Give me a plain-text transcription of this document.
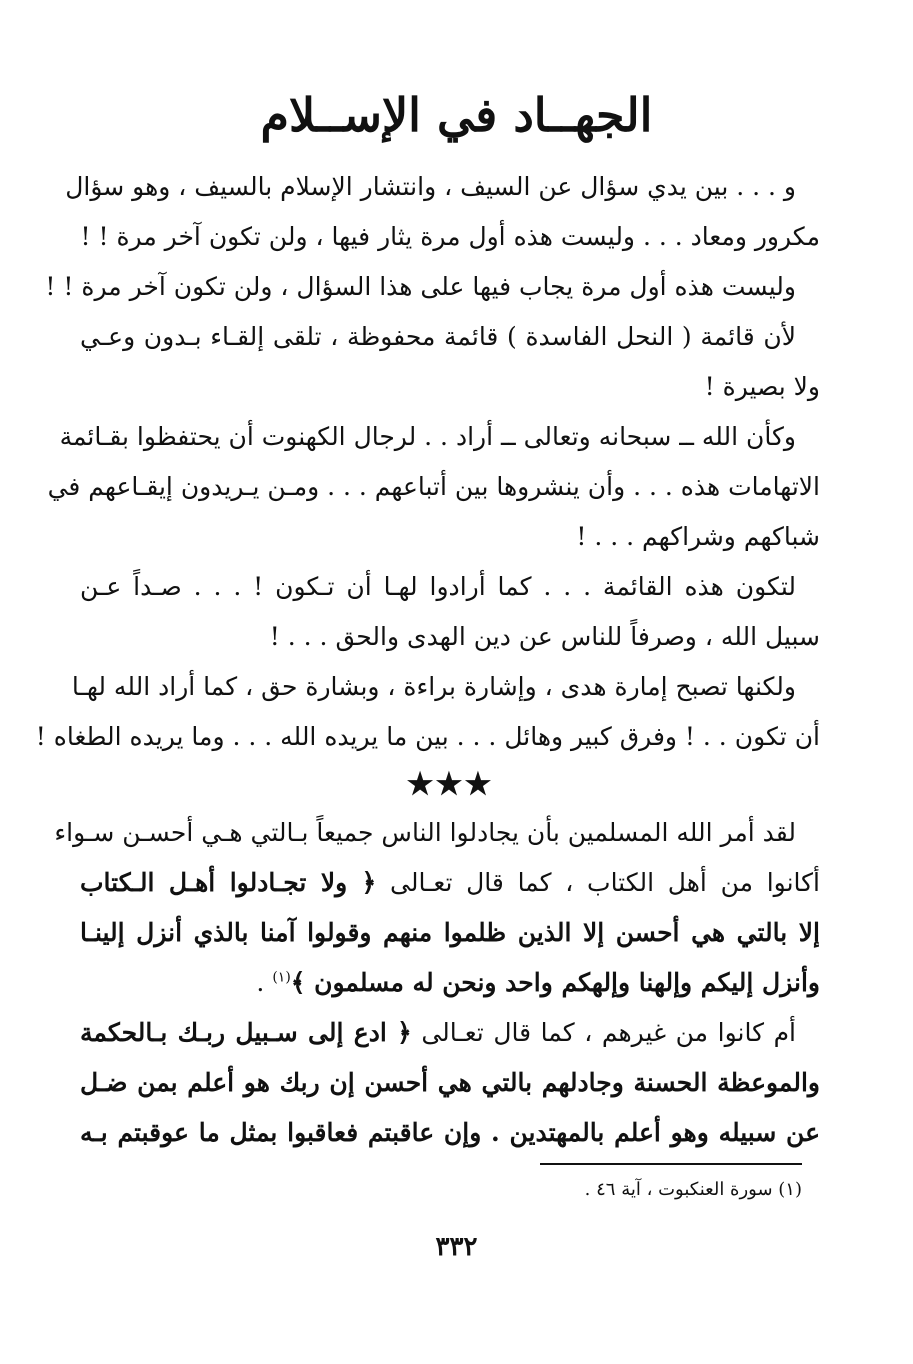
الجهــاد في الإســلام

و . . . بين يدي سؤال عن السيف ، وانتشار الإسلام بالسيف ، وهو سؤال
مكرور ومعاد . . . وليست هذه أول مرة يثار فيها ، ولن تكون آخر مرة ! !

وليست هذه أول مرة يجاب فيها على هذا السؤال ، ولن تكون آخر مرة ! !

لأن قائمة ( النحل الفاسدة ) قائمة محفوظة ، تلقى إلقـاء بـدون وعـي
ولا بصيرة !

وكأن الله ــ سبحانه وتعالى ــ أراد . . لرجال الكهنوت أن يحتفظوا بقـائمة
الاتهامات هذه . . . وأن ينشروها بين أتباعهم . . . ومـن يـريدون إيقـاعهم في
شباكهم وشراكهم . . . !

لتكون هذه القائمة . . . كما أرادوا لهـا أن تـكون ! . . . صـداً عـن
سبيل الله ، وصرفاً للناس عن دين الهدى والحق . . . !

ولكنها تصبح إمارة هدى ، وإشارة براءة ، وبشارة حق ، كما أراد الله لهـا
أن تكون . . ! وفرق كبير وهائل . . . بين ما يريده الله . . . وما يريده الطغاه !

★★★

لقد أمر الله المسلمين بأن يجادلوا الناس جميعاً بـالتي هـي أحسـن سـواء
أكانوا من أهل الكتاب ، كما قال تعـالى ﴿ ولا تجـادلوا أهـل الـكتاب
إلا بالتي هي أحسن إلا الذين ظلموا منهم وقولوا آمنا بالذي أنزل إلينـا
وأنزل إليكم وإلهنا وإلهكم واحد ونحن له مسلمون ﴾$^{(١)}$ .

أم كانوا من غيرهم ، كما قال تعـالى ﴿ ادع إلى سـبيل ربـك بـالحكمة
والموعظة الحسنة وجادلهم بالتي هي أحسن إن ربك هو أعلم بمن ضـل
عن سبيله وهو أعلم بالمهتدين . وإن عاقبتم فعاقبوا بمثل ما عوقبتم بـه

(١) سورة العنكبوت ، آية ٤٦ .
٣٣٢
